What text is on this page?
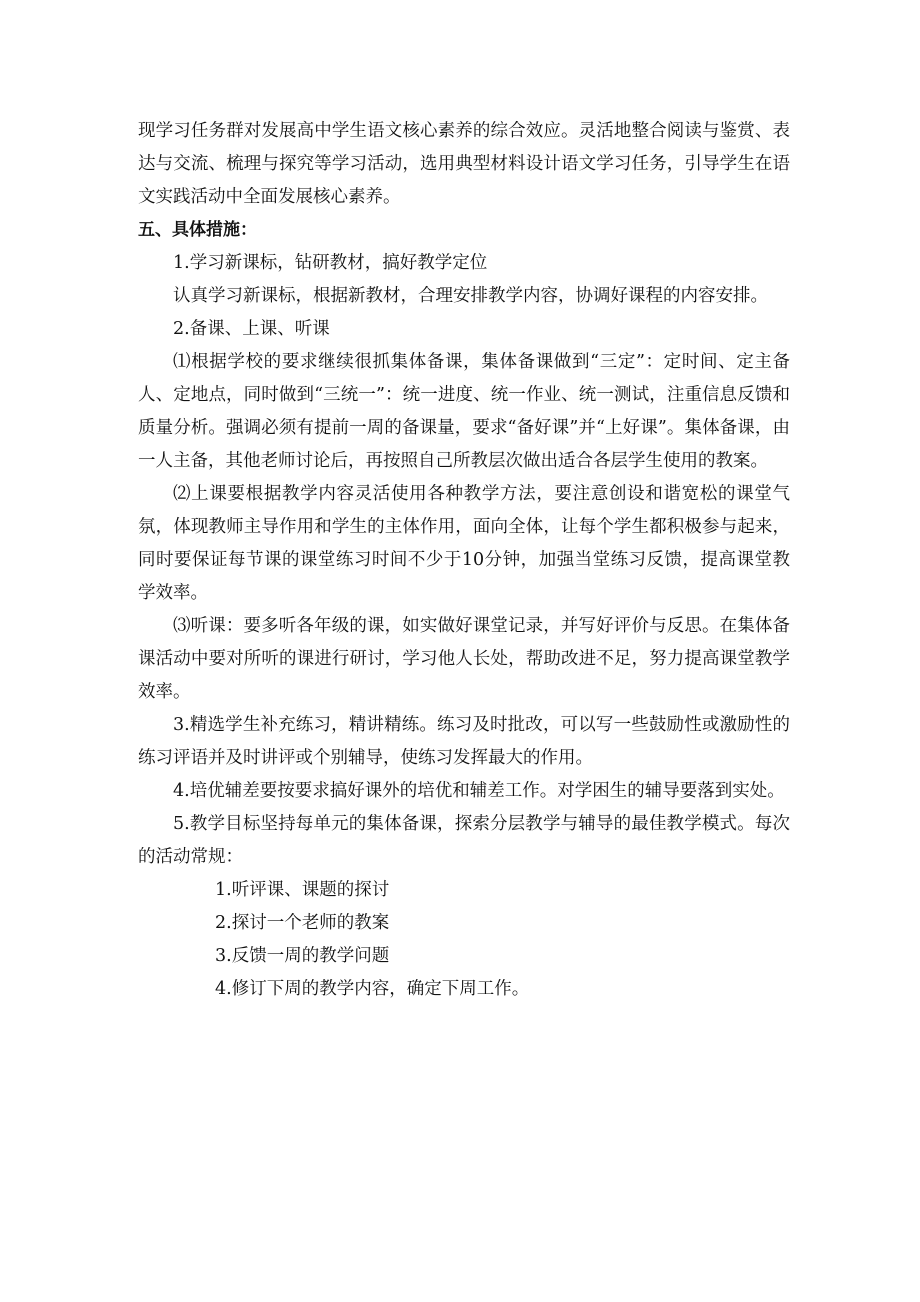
现学习任务群对发展高中学生语文核心素养的综合效应。灵活地整合阅读与鉴赏、表达与交流、梳理与探究等学习活动，选用典型材料设计语文学习任务，引导学生在语文实践活动中全面发展核心素养。

五、具体措施：

1.学习新课标，钻研教材，搞好教学定位

认真学习新课标，根据新教材，合理安排教学内容，协调好课程的内容安排。

2.备课、上课、听课

⑴根据学校的要求继续很抓集体备课，集体备课做到“三定”：定时间、定主备人、定地点，同时做到“三统一”：统一进度、统一作业、统一测试，注重信息反馈和质量分析。强调必须有提前一周的备课量，要求“备好课”并“上好课”。集体备课，由一人主备，其他老师讨论后，再按照自己所教层次做出适合各层学生使用的教案。

⑵上课要根据教学内容灵活使用各种教学方法，要注意创设和谐宽松的课堂气氛，体现教师主导作用和学生的主体作用，面向全体，让每个学生都积极参与起来，同时要保证每节课的课堂练习时间不少于10分钟，加强当堂练习反馈，提高课堂教学效率。

⑶听课：要多听各年级的课，如实做好课堂记录，并写好评价与反思。在集体备课活动中要对所听的课进行研讨，学习他人长处，帮助改进不足，努力提高课堂教学效率。

3.精选学生补充练习，精讲精练。练习及时批改，可以写一些鼓励性或激励性的练习评语并及时讲评或个别辅导，使练习发挥最大的作用。

4.培优辅差要按要求搞好课外的培优和辅差工作。对学困生的辅导要落到实处。

5.教学目标坚持每单元的集体备课，探索分层教学与辅导的最佳教学模式。每次的活动常规：

1.听评课、课题的探讨

2.探讨一个老师的教案

3.反馈一周的教学问题

4.修订下周的教学内容，确定下周工作。
